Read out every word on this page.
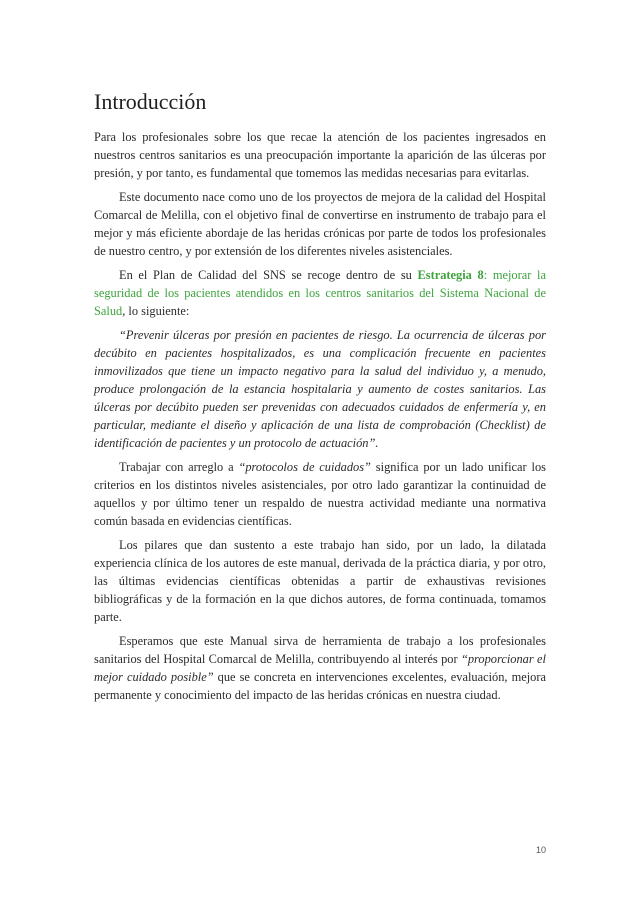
Introducción

Para los profesionales sobre los que recae la atención de los pacientes ingresados en nuestros centros sanitarios es una preocupación importante la aparición de las úlceras por presión, y por tanto, es fundamental que tomemos las medidas necesarias para evitarlas.

Este documento nace como uno de los proyectos de mejora de la calidad del Hospital Comarcal de Melilla, con el objetivo final de convertirse en instrumento de trabajo para el mejor y más eficiente abordaje de las heridas crónicas por parte de todos los profesionales de nuestro centro, y por extensión de los diferentes niveles asistenciales.

En el Plan de Calidad del SNS se recoge dentro de su Estrategia 8: mejorar la seguridad de los pacientes atendidos en los centros sanitarios del Sistema Nacional de Salud, lo siguiente:

“Prevenir úlceras por presión en pacientes de riesgo. La ocurrencia de úlceras por decúbito en pacientes hospitalizados, es una complicación frecuente en pacientes inmovilizados que tiene un impacto negativo para la salud del individuo y, a menudo, produce prolongación de la estancia hospitalaria y aumento de costes sanitarios. Las úlceras por decúbito pueden ser prevenidas con adecuados cuidados de enfermería y, en particular, mediante el diseño y aplicación de una lista de comprobación (Checklist) de identificación de pacientes y un protocolo de actuación”.

Trabajar con arreglo a “protocolos de cuidados” significa por un lado unificar los criterios en los distintos niveles asistenciales, por otro lado garantizar la continuidad de aquellos y por último tener un respaldo de nuestra actividad mediante una normativa común basada en evidencias científicas.

Los pilares que dan sustento a este trabajo han sido, por un lado, la dilatada experiencia clínica de los autores de este manual, derivada de la práctica diaria, y por otro, las últimas evidencias científicas obtenidas a partir de exhaustivas revisiones bibliográficas y de la formación en la que dichos autores, de forma continuada, tomamos parte.

Esperamos que este Manual sirva de herramienta de trabajo a los profesionales sanitarios del Hospital Comarcal de Melilla, contribuyendo al interés por “proporcionar el mejor cuidado posible” que se concreta en intervenciones excelentes, evaluación, mejora permanente y conocimiento del impacto de las heridas crónicas en nuestra ciudad.

10
